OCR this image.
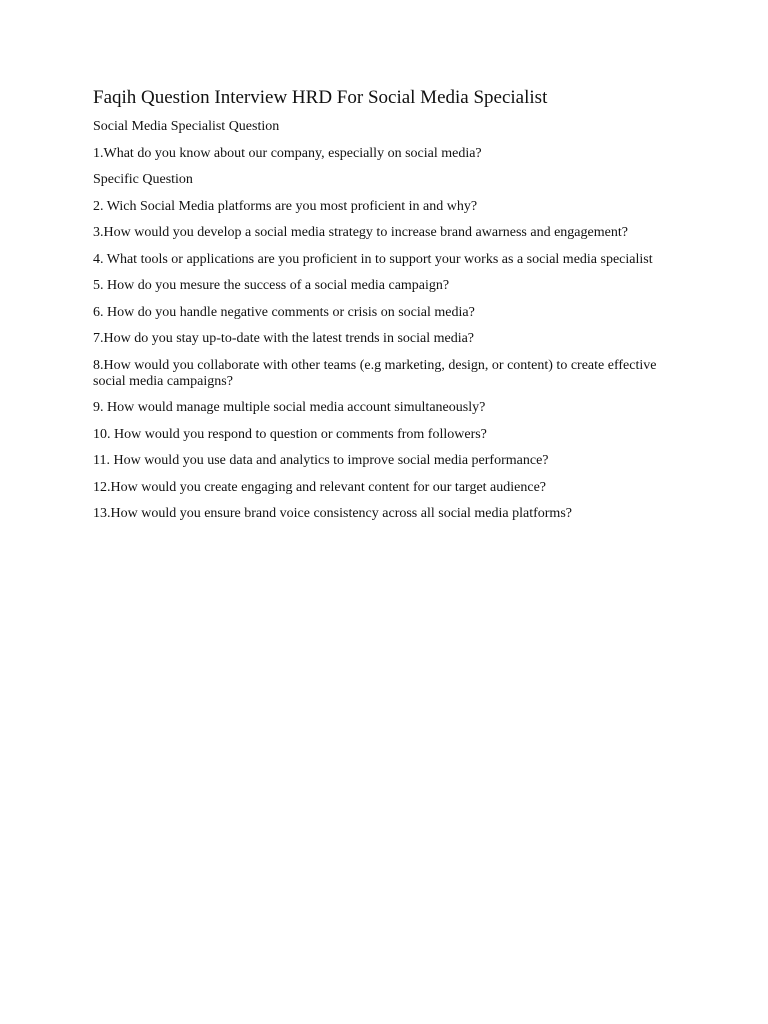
Faqih Question Interview HRD For Social Media Specialist
Social Media Specialist Question
1.What do you know about our company, especially on social media?
Specific Question
2. Wich Social Media platforms are you most proficient in and why?
3.How would you develop a social media strategy to increase brand awarness and engagement?
4. What tools or applications are you proficient in to support your works as a social media specialist
5. How do you mesure the success of a social media campaign?
6. How do you handle negative comments or crisis on social media?
7.How do you stay up-to-date with the latest trends in social media?
8.How would you collaborate with other teams (e.g marketing, design, or content) to create effective social media campaigns?
9. How would manage multiple social media account simultaneously?
10. How would you respond to question or comments from followers?
11. How would you use data and analytics to improve social media performance?
12.How would you create engaging and relevant content for our target audience?
13.How would you ensure brand voice consistency across all social media platforms?
